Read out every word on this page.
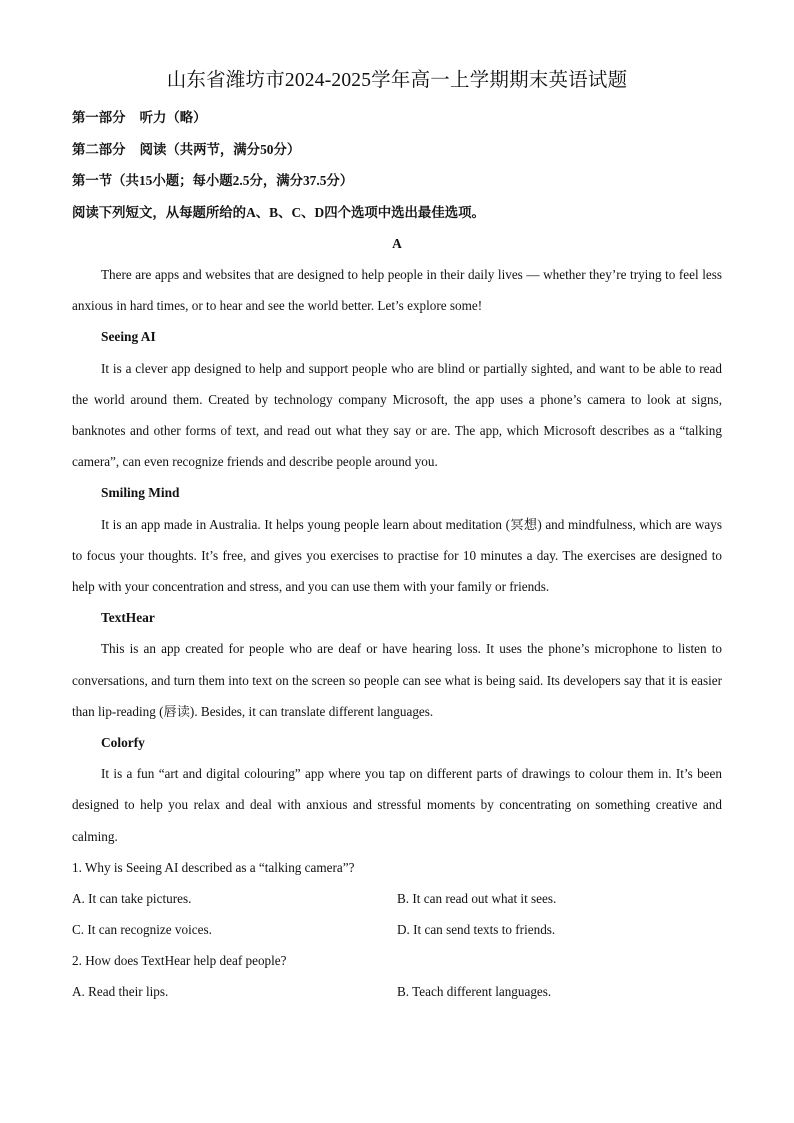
山东省潍坊市2024-2025学年高一上学期期末英语试题

第一部分 听力（略）

第二部分 阅读（共两节，满分50分）

第一节（共15小题；每小题2.5分，满分37.5分）

阅读下列短文，从每题所给的A、B、C、D四个选项中选出最佳选项。

A

There are apps and websites that are designed to help people in their daily lives — whether they’re trying to feel less anxious in hard times, or to hear and see the world better. Let’s explore some!

Seeing AI

It is a clever app designed to help and support people who are blind or partially sighted, and want to be able to read the world around them. Created by technology company Microsoft, the app uses a phone’s camera to look at signs, banknotes and other forms of text, and read out what they say or are. The app, which Microsoft describes as a “talking camera”, can even recognize friends and describe people around you.

Smiling Mind

It is an app made in Australia. It helps young people learn about meditation (冥想) and mindfulness, which are ways to focus your thoughts. It’s free, and gives you exercises to practise for 10 minutes a day. The exercises are designed to help with your concentration and stress, and you can use them with your family or friends.

TextHear

This is an app created for people who are deaf or have hearing loss. It uses the phone’s microphone to listen to conversations, and turn them into text on the screen so people can see what is being said. Its developers say that it is easier than lip-reading (唇读). Besides, it can translate different languages.

Colorfy

It is a fun “art and digital colouring” app where you tap on different parts of drawings to colour them in. It’s been designed to help you relax and deal with anxious and stressful moments by concentrating on something creative and calming.

1. Why is Seeing AI described as a “talking camera”?

A. It can take pictures.	B. It can read out what it sees.
C. It can recognize voices.	D. It can send texts to friends.

2. How does TextHear help deaf people?

A. Read their lips.	B. Teach different languages.
